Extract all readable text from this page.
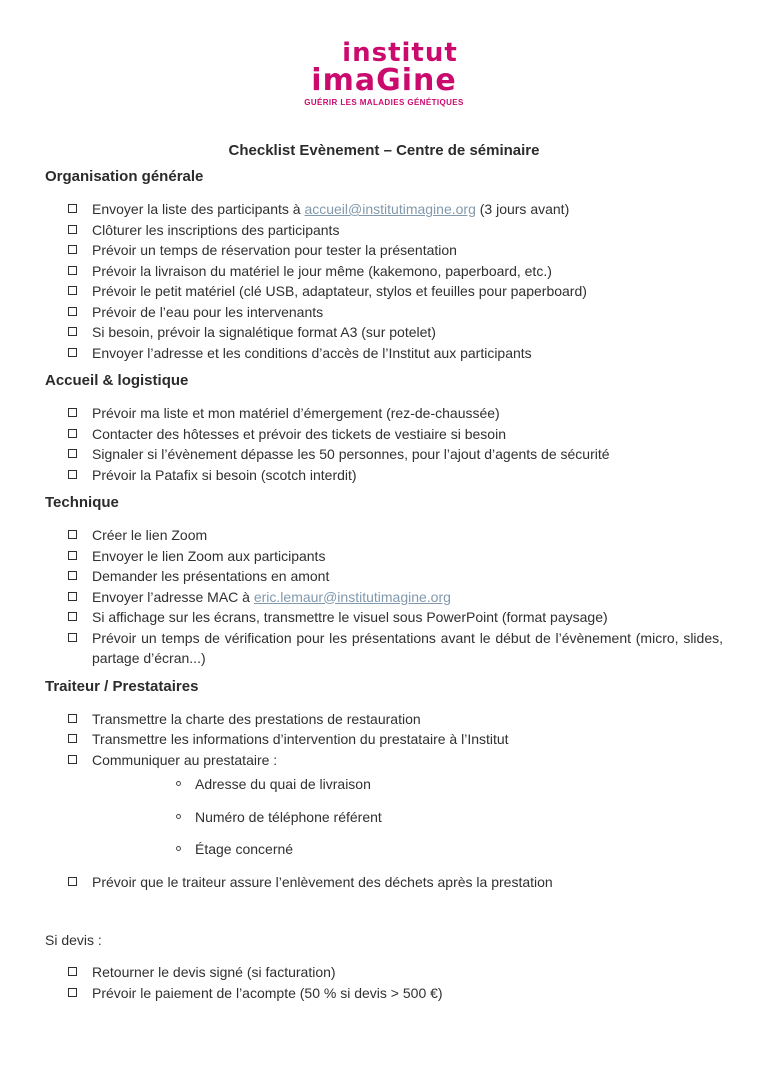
institut
imaGine
GUÉRIR LES MALADIES GÉNÉTIQUES
Checklist Evènement – Centre de séminaire
Organisation générale
Envoyer la liste des participants à accueil@institutimagine.org (3 jours avant)
Clôturer les inscriptions des participants
Prévoir un temps de réservation pour tester la présentation
Prévoir la livraison du matériel le jour même (kakemono, paperboard, etc.)
Prévoir le petit matériel (clé USB, adaptateur, stylos et feuilles pour paperboard)
Prévoir de l’eau pour les intervenants
Si besoin, prévoir la signalétique format A3 (sur potelet)
Envoyer l’adresse et les conditions d’accès de l’Institut aux participants
Accueil & logistique
Prévoir ma liste et mon matériel d’émergement (rez-de-chaussée)
Contacter des hôtesses et prévoir des tickets de vestiaire si besoin
Signaler si l’évènement dépasse les 50 personnes, pour l’ajout d’agents de sécurité
Prévoir la Patafix si besoin (scotch interdit)
Technique
Créer le lien Zoom
Envoyer le lien Zoom aux participants
Demander les présentations en amont
Envoyer l’adresse MAC à eric.lemaur@institutimagine.org
Si affichage sur les écrans, transmettre le visuel sous PowerPoint (format paysage)
Prévoir un temps de vérification pour les présentations avant le début de l’évènement (micro, slides, partage d’écran...)
Traiteur / Prestataires
Transmettre la charte des prestations de restauration
Transmettre les informations d’intervention du prestataire à l’Institut
Communiquer au prestataire :
Adresse du quai de livraison
Numéro de téléphone référent
Étage concerné
Prévoir que le traiteur assure l’enlèvement des déchets après la prestation
Si devis :
Retourner le devis signé (si facturation)
Prévoir le paiement de l’acompte (50 % si devis > 500 €)
